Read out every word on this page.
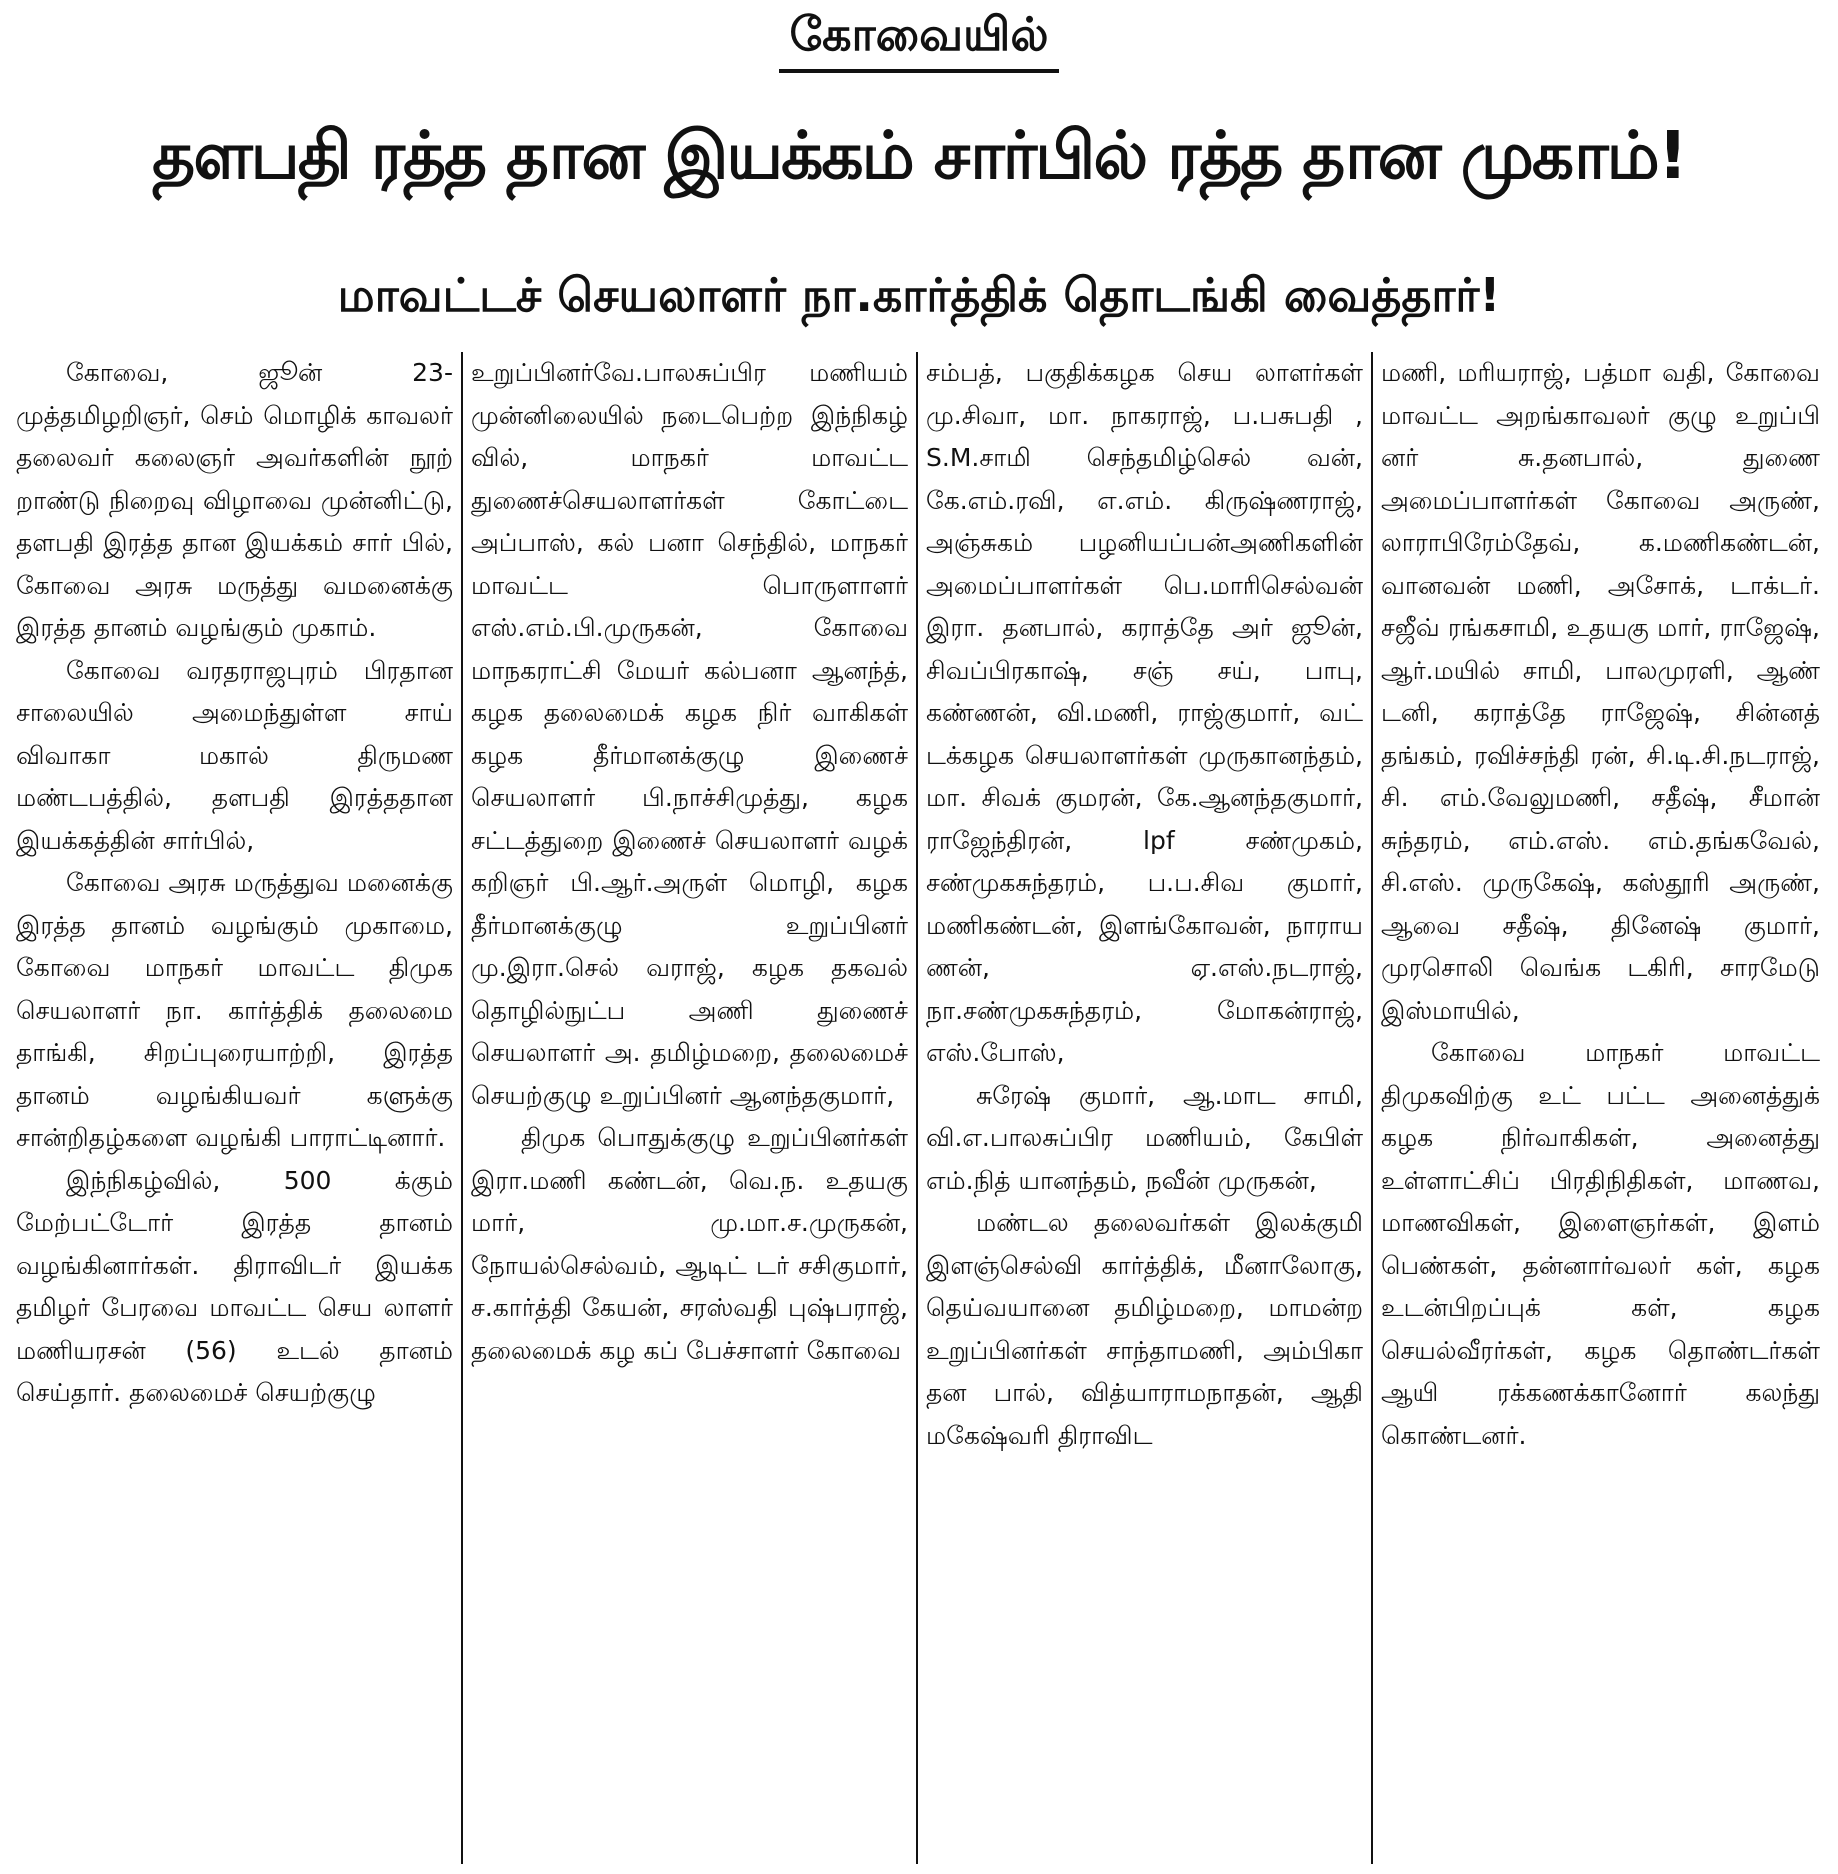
கோவையில்
தளபதி ரத்த தான இயக்கம் சார்பில் ரத்த தான முகாம்!
மாவட்டச் செயலாளர் நா.கார்த்திக் தொடங்கி வைத்தார்!

கோவை, ஜூன் 23- முத்தமிழறிஞர், செம் மொழிக் காவலர் தலைவர் கலைஞர் அவர்களின் நூற் றாண்டு நிறைவு விழாவை முன்னிட்டு, தளபதி இரத்த தான இயக்கம் சார் பில், கோவை அரசு மருத்து வமனைக்கு இரத்த தானம் வழங்கும் முகாம்.

கோவை வரதராஜபுரம் பிரதான சாலையில் அமைந்துள்ள சாய் விவாகா மகால் திருமண மண்டபத்தில், தளபதி இரத்ததான இயக்கத்தின் சார்பில்,

கோவை அரசு மருத்துவ மனைக்கு இரத்த தானம் வழங்கும் முகாமை, கோவை மாநகர் மாவட்ட திமுக செயலாளர் நா. கார்த்திக் தலைமை தாங்கி, சிறப்புரையாற்றி, இரத்த தானம் வழங்கியவர் களுக்கு சான்றிதழ்களை வழங்கி பாராட்டினார்.

இந்நிகழ்வில், 500 க்கும் மேற்பட்டோர் இரத்த தானம் வழங்கினார்கள். திராவிடர் இயக்க தமிழர் பேரவை மாவட்ட செய லாளர் மணியரசன் (56) உடல் தானம் செய்தார். தலைமைச் செயற்குழு

உறுப்பினர்வே.பாலசுப்பிர மணியம் முன்னிலையில் நடைபெற்ற இந்நிகழ் வில், மாநகர் மாவட்ட துணைச்செயலாளர்கள் கோட்டை அப்பாஸ், கல் பனா செந்தில், மாநகர் மாவட்ட பொருளாளர் எஸ்.எம்.பி.முருகன், கோவை மாநகராட்சி மேயர் கல்பனா ஆனந்த், கழக தலைமைக் கழக நிர் வாகிகள் கழக தீர்மானக்குழு இணைச் செயலாளர் பி.நாச்சிமுத்து, கழக சட்டத்துறை இணைச் செயலாளர் வழக் கறிஞர் பி.ஆர்.அருள் மொழி, கழக தீர்மானக்குழு உறுப்பினர் மு.இரா.செல் வராஜ், கழக தகவல் தொழில்நுட்ப அணி துணைச் செயலாளர் அ. தமிழ்மறை, தலைமைச் செயற்குழு உறுப்பினர் ஆனந்தகுமார்,

திமுக பொதுக்குழு உறுப்பினர்கள் இரா.மணி கண்டன், வெ.ந. உதயகு மார், மு.மா.ச.முருகன், நோயல்செல்வம், ஆடிட் டர் சசிகுமார், ச.கார்த்தி கேயன், சரஸ்வதி புஷ்பராஜ், தலைமைக் கழ கப் பேச்சாளர் கோவை

சம்பத், பகுதிக்கழக செய லாளர்கள் மு.சிவா, மா. நாகராஜ், ப.பசுபதி , S.M.சாமி செந்தமிழ்செல் வன், கே.எம்.ரவி, எ.எம். கிருஷ்ணராஜ், அஞ்சுகம் பழனியப்பன்அணிகளின் அமைப்பாளர்கள் பெ.மாரிசெல்வன் இரா. தனபால், கராத்தே அர் ஜூன், சிவப்பிரகாஷ், சஞ் சய், பாபு, கண்ணன், வி.மணி, ராஜ்குமார், வட் டக்கழக செயலாளர்கள் முருகானந்தம், மா. சிவக் குமரன், கே.ஆனந்தகுமார், ராஜேந்திரன், lpf சண்முகம், சண்முகசுந்தரம், ப.ப.சிவ குமார், மணிகண்டன், இளங்கோவன், நாராய ணன், ஏ.எஸ்.நடராஜ், நா.சண்முகசுந்தரம், மோகன்ராஜ், எஸ்.போஸ்,

சுரேஷ் குமார், ஆ.மாட சாமி, வி.எ.பாலசுப்பிர மணியம், கேபிள் எம்.நித் யானந்தம், நவீன் முருகன்,

மண்டல தலைவர்கள் இலக்குமி இளஞ்செல்வி கார்த்திக், மீனாலோகு, தெய்வயானை தமிழ்மறை, மாமன்ற உறுப்பினர்கள் சாந்தாமணி, அம்பிகா தன பால், வித்யாராமநாதன், ஆதி மகேஷ்வரி திராவிட

மணி, மரியராஜ், பத்மா வதி, கோவை மாவட்ட அறங்காவலர் குழு உறுப்பி னர் சு.தனபால், துணை அமைப்பாளர்கள் கோவை அருண், லாராபிரேம்தேவ், க.மணிகண்டன், வானவன் மணி, அசோக், டாக்டர். சஜீவ் ரங்கசாமி, உதயகு மார், ராஜேஷ், ஆர்.மயில் சாமி, பாலமுரளி, ஆண் டனி, கராத்தே ராஜேஷ், சின்னத் தங்கம், ரவிச்சந்தி ரன், சி.டி.சி.நடராஜ், சி. எம்.வேலுமணி, சதீஷ், சீமான் சுந்தரம், எம்.எஸ். எம்.தங்கவேல், சி.எஸ். முருகேஷ், கஸ்தூரி அருண், ஆவை சதீஷ், தினேஷ் குமார், முரசொலி வெங்க டகிரி, சாரமேடு இஸ்மாயில்,

கோவை மாநகர் மாவட்ட திமுகவிற்கு உட் பட்ட அனைத்துக் கழக நிர்வாகிகள், அனைத்து உள்ளாட்சிப் பிரதிநிதிகள், மாணவ, மாணவிகள், இளைஞர்கள், இளம் பெண்கள், தன்னார்வலர் கள், கழக உடன்பிறப்புக் கள், கழக செயல்வீரர்கள், கழக தொண்டர்கள் ஆயி ரக்கணக்கானோர் கலந்து கொண்டனர்.
